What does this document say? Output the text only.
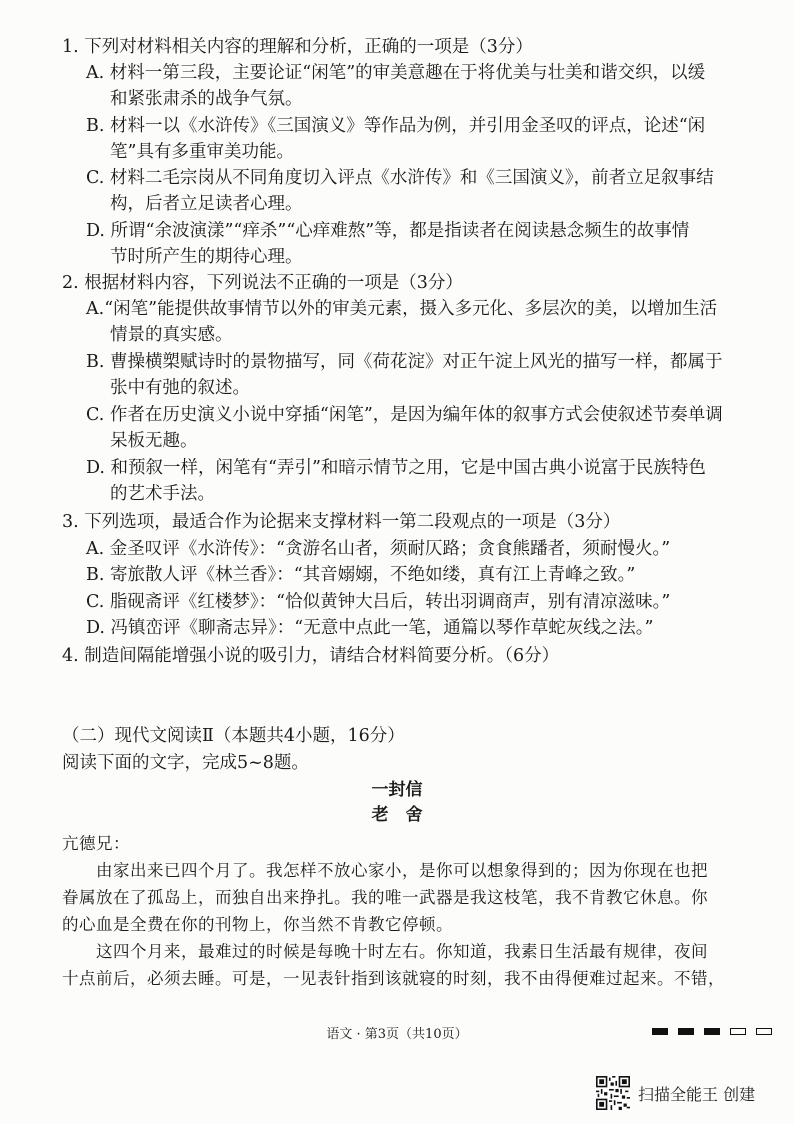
1. 下列对材料相关内容的理解和分析，正确的一项是（3分）
A. 材料一第三段，主要论证“闲笔”的审美意趣在于将优美与壮美和谐交织，以缓
和紧张肃杀的战争气氛。
B. 材料一以《水浒传》《三国演义》等作品为例，并引用金圣叹的评点，论述“闲
笔”具有多重审美功能。
C. 材料二毛宗岗从不同角度切入评点《水浒传》和《三国演义》，前者立足叙事结
构，后者立足读者心理。
D. 所谓“余波演漾”“痒杀”“心痒难熬”等，都是指读者在阅读悬念频生的故事情
节时所产生的期待心理。
2. 根据材料内容，下列说法不正确的一项是（3分）
A.“闲笔”能提供故事情节以外的审美元素，摄入多元化、多层次的美，以增加生活
情景的真实感。
B. 曹操横槊赋诗时的景物描写，同《荷花淀》对正午淀上风光的描写一样，都属于
张中有弛的叙述。
C. 作者在历史演义小说中穿插“闲笔”，是因为编年体的叙事方式会使叙述节奏单调
呆板无趣。
D. 和预叙一样，闲笔有“弄引”和暗示情节之用，它是中国古典小说富于民族特色
的艺术手法。
3. 下列选项，最适合作为论据来支撑材料一第二段观点的一项是（3分）
A. 金圣叹评《水浒传》：“贪游名山者，须耐仄路；贪食熊蹯者，须耐慢火。”
B. 寄旅散人评《林兰香》：“其音嫋嫋，不绝如缕，真有江上青峰之致。”
C. 脂砚斋评《红楼梦》：“恰似黄钟大吕后，转出羽调商声，别有清凉滋味。”
D. 冯镇峦评《聊斋志异》：“无意中点此一笔，通篇以琴作草蛇灰线之法。”
4. 制造间隔能增强小说的吸引力，请结合材料简要分析。（6分）
（二）现代文阅读Ⅱ（本题共4小题，16分）
阅读下面的文字，完成5~8题。
一封信
老　舍
亢德兄：
　　由家出来已四个月了。我怎样不放心家小，是你可以想象得到的；因为你现在也把
眷属放在了孤岛上，而独自出来挣扎。我的唯一武器是我这枝笔，我不肯教它休息。你
的心血是全费在你的刊物上，你当然不肯教它停顿。
　　这四个月来，最难过的时候是每晚十时左右。你知道，我素日生活最有规律，夜间
十点前后，必须去睡。可是，一见表针指到该就寝的时刻，我不由得便难过起来。不错，
语文 · 第3页（共10页）
扫描全能王 创建
